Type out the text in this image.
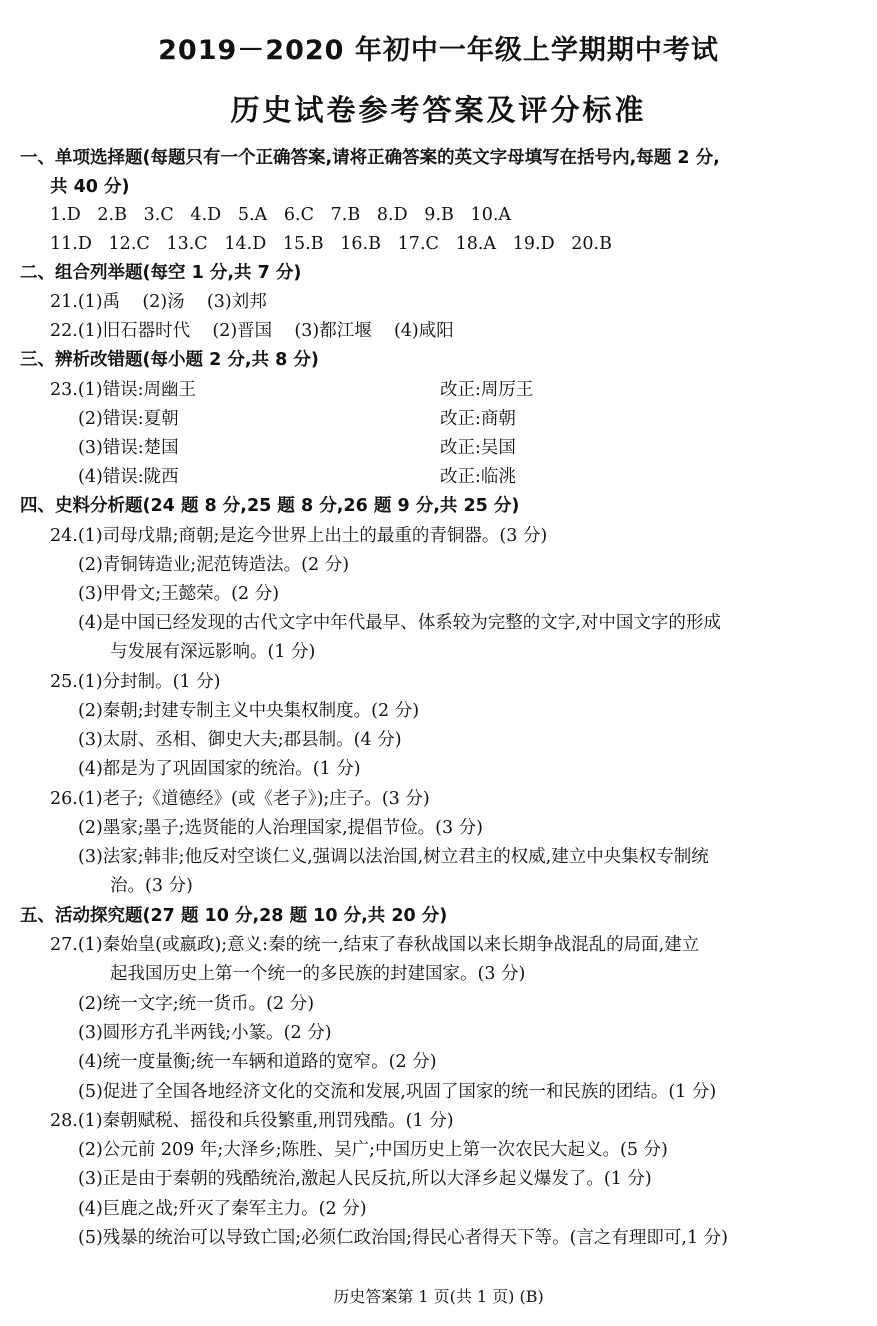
2019－2020 年初中一年级上学期期中考试
历史试卷参考答案及评分标准
一、单项选择题(每题只有一个正确答案,请将正确答案的英文字母填写在括号内,每题 2 分,
共 40 分)
1.D   2.B   3.C   4.D   5.A   6.C   7.B   8.D   9.B   10.A
11.D   12.C   13.C   14.D   15.B   16.B   17.C   18.A   19.D   20.B
二、组合列举题(每空 1 分,共 7 分)
21.(1)禹    (2)汤    (3)刘邦
22.(1)旧石器时代    (2)晋国    (3)都江堰    (4)咸阳
三、辨析改错题(每小题 2 分,共 8 分)
23.(1)错误:周幽王	改正:周厉王
(2)错误:夏朝	改正:商朝
(3)错误:楚国	改正:吴国
(4)错误:陇西	改正:临洮
四、史料分析题(24 题 8 分,25 题 8 分,26 题 9 分,共 25 分)
24.(1)司母戊鼎;商朝;是迄今世界上出土的最重的青铜器。(3 分)
(2)青铜铸造业;泥范铸造法。(2 分)
(3)甲骨文;王懿荣。(2 分)
(4)是中国已经发现的古代文字中年代最早、体系较为完整的文字,对中国文字的形成
与发展有深远影响。(1 分)
25.(1)分封制。(1 分)
(2)秦朝;封建专制主义中央集权制度。(2 分)
(3)太尉、丞相、御史大夫;郡县制。(4 分)
(4)都是为了巩固国家的统治。(1 分)
26.(1)老子;《道德经》(或《老子》);庄子。(3 分)
(2)墨家;墨子;选贤能的人治理国家,提倡节俭。(3 分)
(3)法家;韩非;他反对空谈仁义,强调以法治国,树立君主的权威,建立中央集权专制统
治。(3 分)
五、活动探究题(27 题 10 分,28 题 10 分,共 20 分)
27.(1)秦始皇(或嬴政);意义:秦的统一,结束了春秋战国以来长期争战混乱的局面,建立
起我国历史上第一个统一的多民族的封建国家。(3 分)
(2)统一文字;统一货币。(2 分)
(3)圆形方孔半两钱;小篆。(2 分)
(4)统一度量衡;统一车辆和道路的宽窄。(2 分)
(5)促进了全国各地经济文化的交流和发展,巩固了国家的统一和民族的团结。(1 分)
28.(1)秦朝赋税、摇役和兵役繁重,刑罚残酷。(1 分)
(2)公元前 209 年;大泽乡;陈胜、吴广;中国历史上第一次农民大起义。(5 分)
(3)正是由于秦朝的残酷统治,激起人民反抗,所以大泽乡起义爆发了。(1 分)
(4)巨鹿之战;歼灭了秦军主力。(2 分)
(5)残暴的统治可以导致亡国;必须仁政治国;得民心者得天下等。(言之有理即可,1 分)
历史答案第 1 页(共 1 页) (B)
